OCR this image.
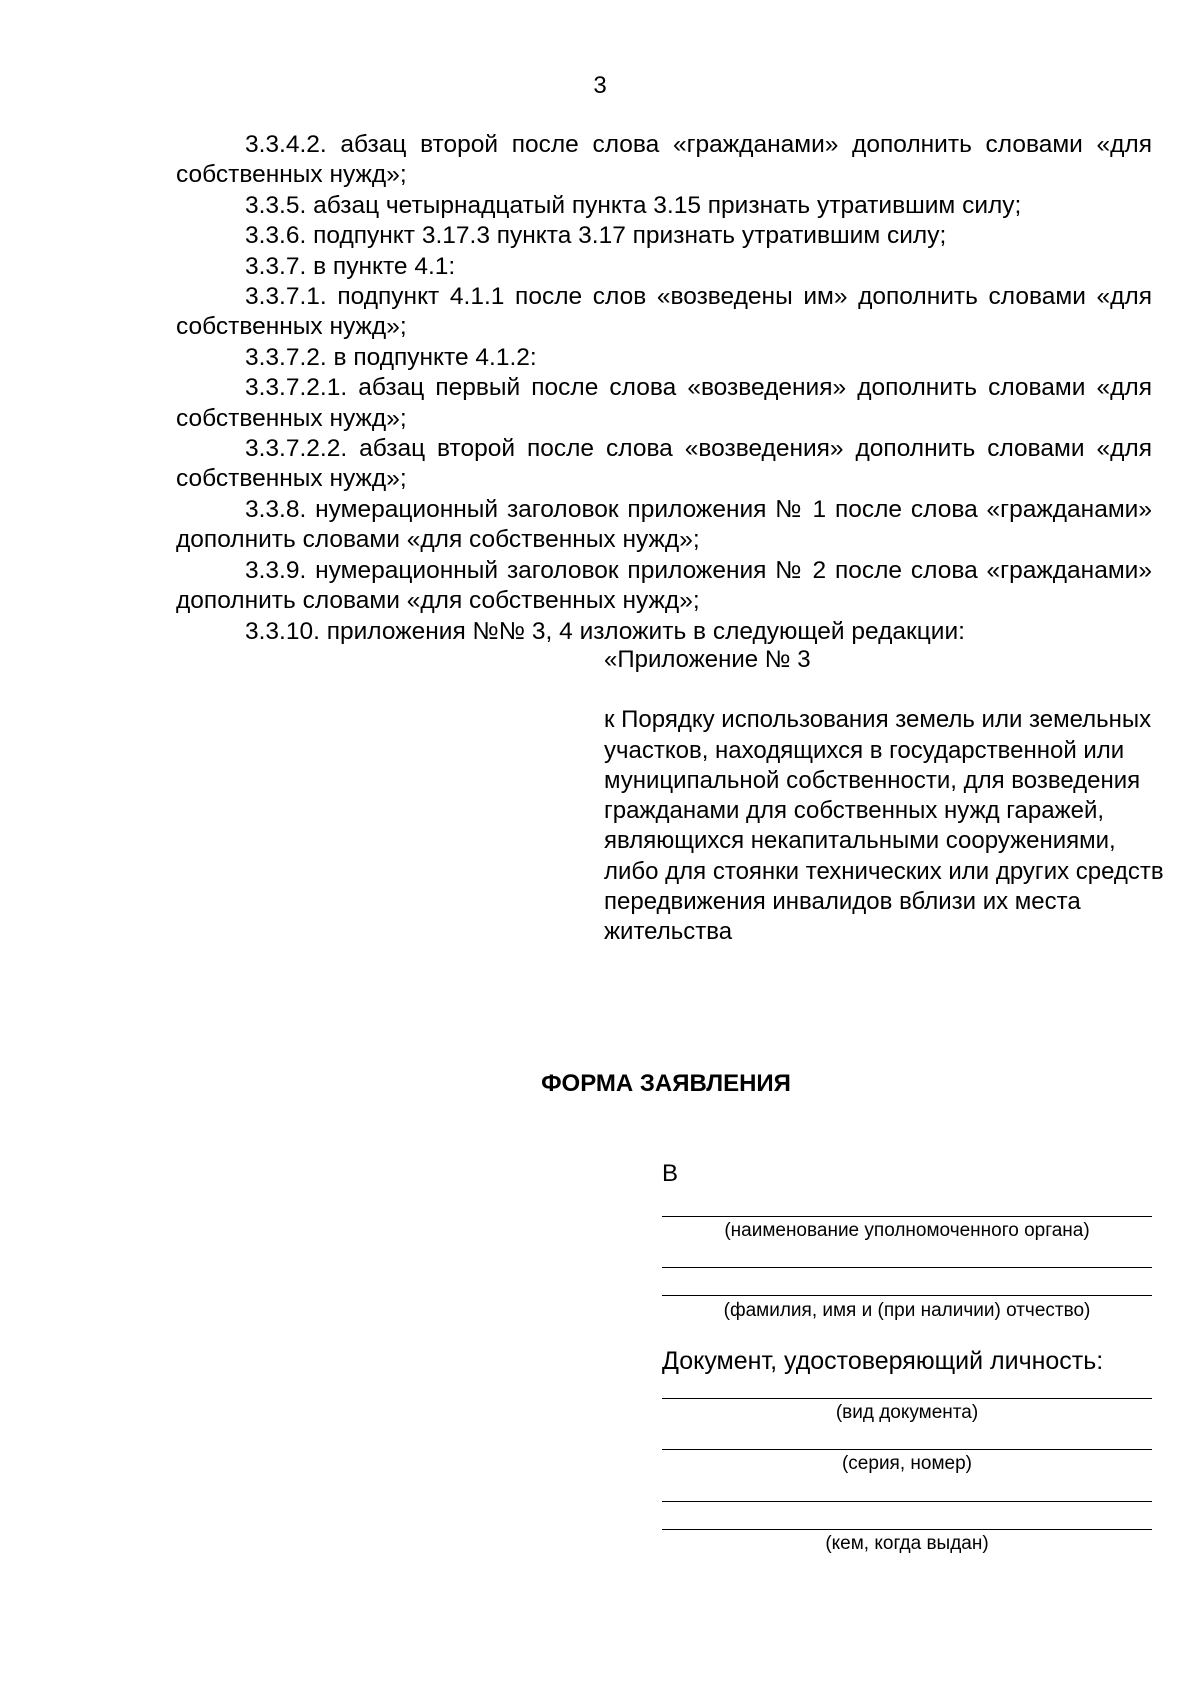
3

3.3.4.2. абзац второй после слова «гражданами» дополнить словами «для собственных нужд»;

3.3.5. абзац четырнадцатый пункта 3.15 признать утратившим силу;

3.3.6. подпункт 3.17.3 пункта 3.17 признать утратившим силу;

3.3.7. в пункте 4.1:

3.3.7.1. подпункт 4.1.1 после слов «возведены им» дополнить словами «для собственных нужд»;

3.3.7.2. в подпункте 4.1.2:

3.3.7.2.1. абзац первый после слова «возведения» дополнить словами «для собственных нужд»;

3.3.7.2.2. абзац второй после слова «возведения» дополнить словами «для собственных нужд»;

3.3.8. нумерационный заголовок приложения № 1 после слова «гражданами» дополнить словами «для собственных нужд»;

3.3.9. нумерационный заголовок приложения № 2 после слова «гражданами» дополнить словами «для собственных нужд»;

3.3.10. приложения №№ 3, 4 изложить в следующей редакции:

«Приложение № 3

к Порядку использования земель или земельных участков, находящихся в государственной или муниципальной собственности, для возведения гражданами для собственных нужд гаражей, являющихся некапитальными сооружениями, либо для стоянки технических или других средств передвижения инвалидов вблизи их места жительства

ФОРМА ЗАЯВЛЕНИЯ
В
(наименование уполномоченного органа)
(фамилия, имя и (при наличии) отчество)
Документ, удостоверяющий личность:
(вид документа)
(серия, номер)
(кем, когда выдан)
